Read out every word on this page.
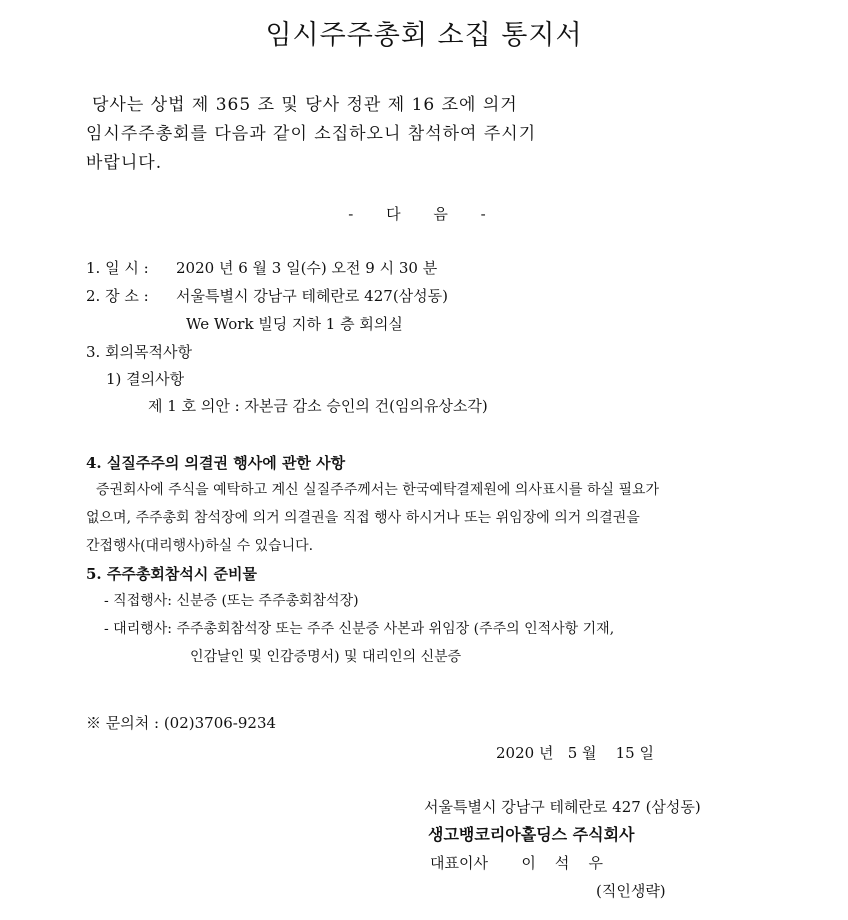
임시주주총회 소집 통지서
당사는 상법 제 365 조 및 당사 정관 제 16 조에 의거
임시주주총회를 다음과 같이 소집하오니 참석하여 주시기
바랍니다.
- 다 음 -
1. 일 시 : 2020 년 6 월 3 일(수) 오전 9 시 30 분
2. 장 소 : 서울특별시 강남구 테헤란로 427(삼성동)
We Work 빌딩 지하 1 층 회의실
3. 회의목적사항
1) 결의사항
제 1 호 의안 : 자본금 감소 승인의 건(임의유상소각)
4. 실질주주의 의결권 행사에 관한 사항
증권회사에 주식을 예탁하고 계신 실질주주께서는 한국예탁결제원에 의사표시를 하실 필요가
없으며, 주주총회 참석장에 의거 의결권을 직접 행사 하시거나 또는 위임장에 의거 의결권을
간접행사(대리행사)하실 수 있습니다.
5. 주주총회참석시 준비물
- 직접행사: 신분증 (또는 주주총회참석장)
- 대리행사: 주주총회참석장 또는 주주 신분증 사본과 위임장 (주주의 인적사항 기재,
인감날인 및 인감증명서) 및 대리인의 신분증
※ 문의처 : (02)3706-9234
2020 년   5 월    15 일
서울특별시 강남구 테헤란로 427 (삼성동)
생고뱅코리아홀딩스 주식회사
대표이사       이    석    우
(직인생략)
